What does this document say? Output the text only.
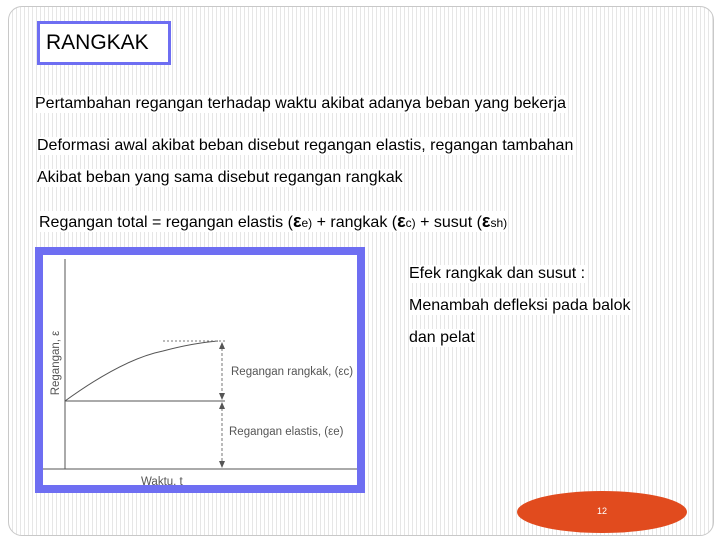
RANGKAK
Pertambahan regangan terhadap waktu akibat adanya beban yang bekerja
Deformasi awal akibat beban disebut regangan elastis, regangan tambahan
Akibat beban yang sama disebut regangan rangkak
Regangan total = regangan elastis (εe) + rangkak (εc) + susut (εsh)
Regangan, ε
Waktu, t
Regangan rangkak, (εc)
Regangan elastis, (εe)
Efek rangkak dan susut :
Menambah defleksi pada balok
dan pelat
12
